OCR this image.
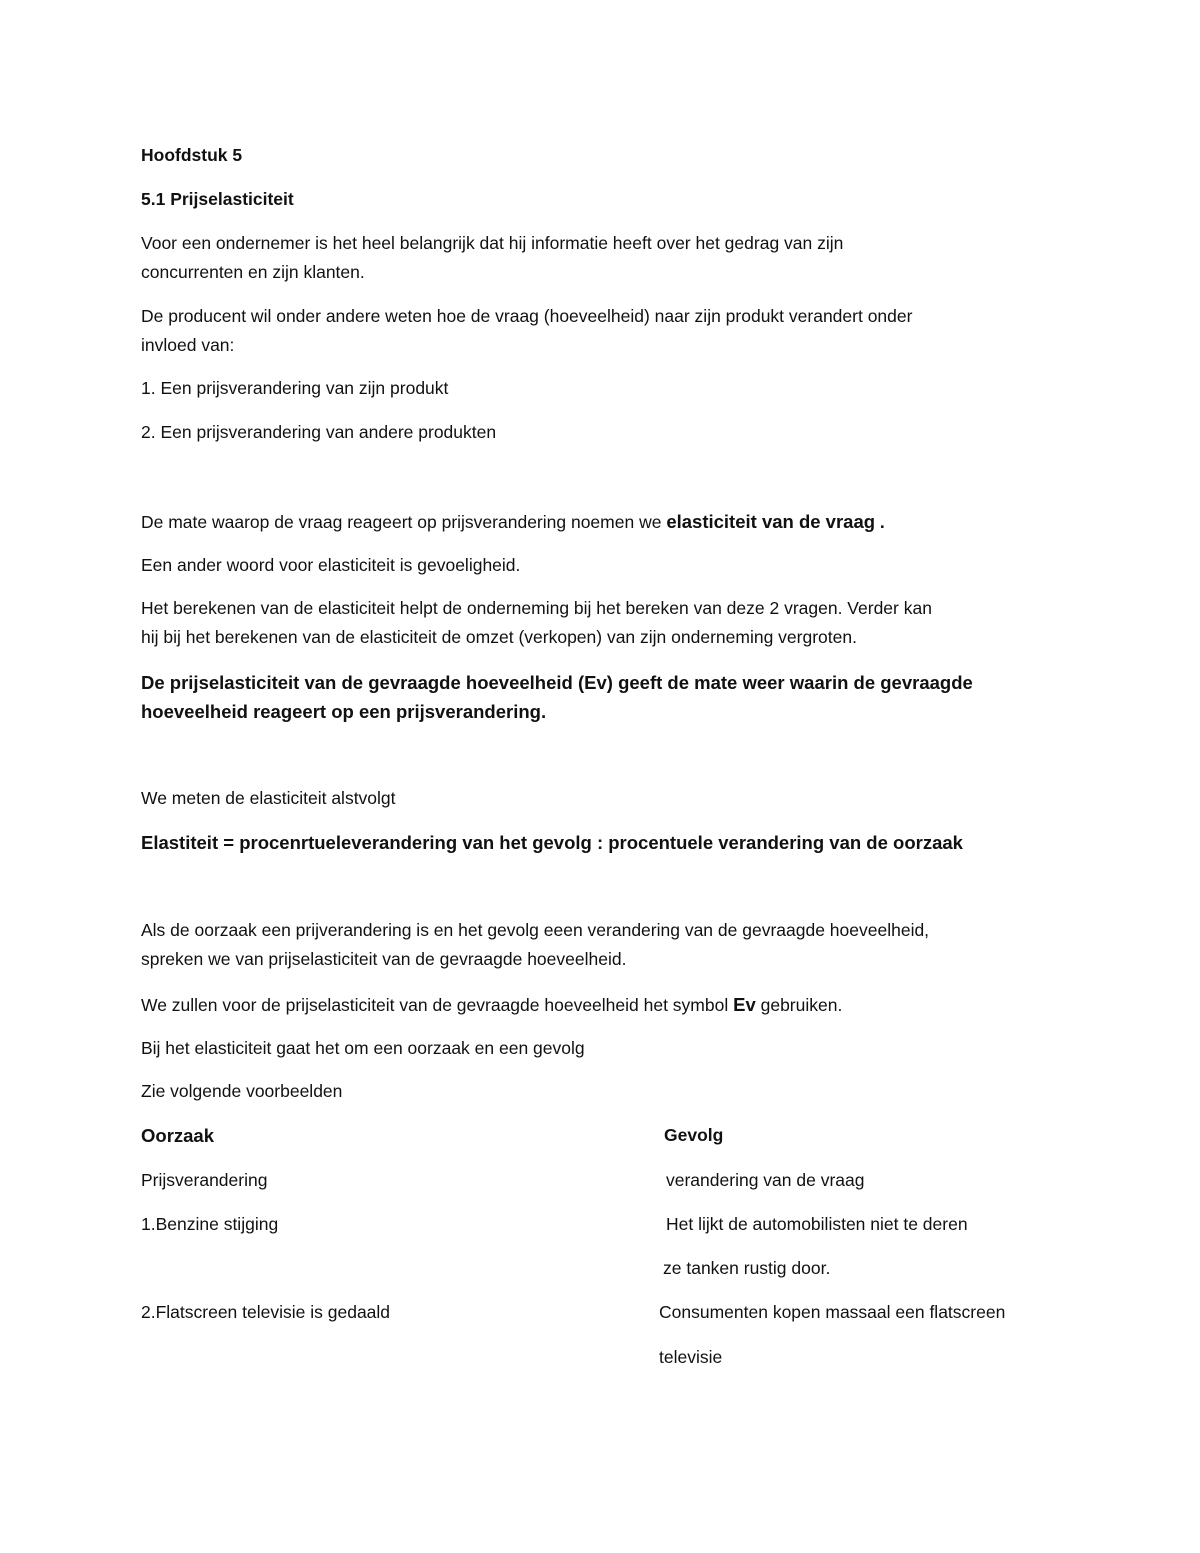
Hoofdstuk 5

5.1 Prijselasticiteit

Voor een ondernemer is het heel belangrijk dat hij informatie heeft over het gedrag van zijn

concurrenten en zijn klanten.

De producent wil onder andere weten hoe de vraag (hoeveelheid) naar zijn produkt verandert onder

invloed van:

1. Een prijsverandering van zijn produkt

2. Een prijsverandering van andere produkten

De mate waarop de vraag reageert op prijsverandering noemen we elasticiteit van de vraag .

Een ander woord voor elasticiteit is gevoeligheid.

Het berekenen van de elasticiteit helpt de onderneming bij het bereken van deze 2 vragen. Verder kan

hij bij het berekenen van de elasticiteit de omzet (verkopen) van zijn onderneming vergroten.

De prijselasticiteit van de gevraagde hoeveelheid (Ev) geeft de mate weer waarin de gevraagde

hoeveelheid reageert op een prijsverandering.

We meten de elasticiteit alstvolgt

Elastiteit = procenrtueleverandering van het gevolg : procentuele verandering van de oorzaak

Als de oorzaak een prijverandering is en het gevolg eeen verandering van de gevraagde hoeveelheid,

spreken we van prijselasticiteit van de gevraagde hoeveelheid.

We zullen voor de prijselasticiteit van de gevraagde hoeveelheid het symbol Ev gebruiken.

Bij het elasticiteit gaat het om een oorzaak en een gevolg

Zie volgende voorbeelden

Oorzaak	Gevolg

Prijsverandering	verandering van de vraag

1.Benzine stijging	Het lijkt de automobilisten niet te deren

ze tanken rustig door.

2.Flatscreen televisie is gedaald	Consumenten kopen massaal een flatscreen

televisie
